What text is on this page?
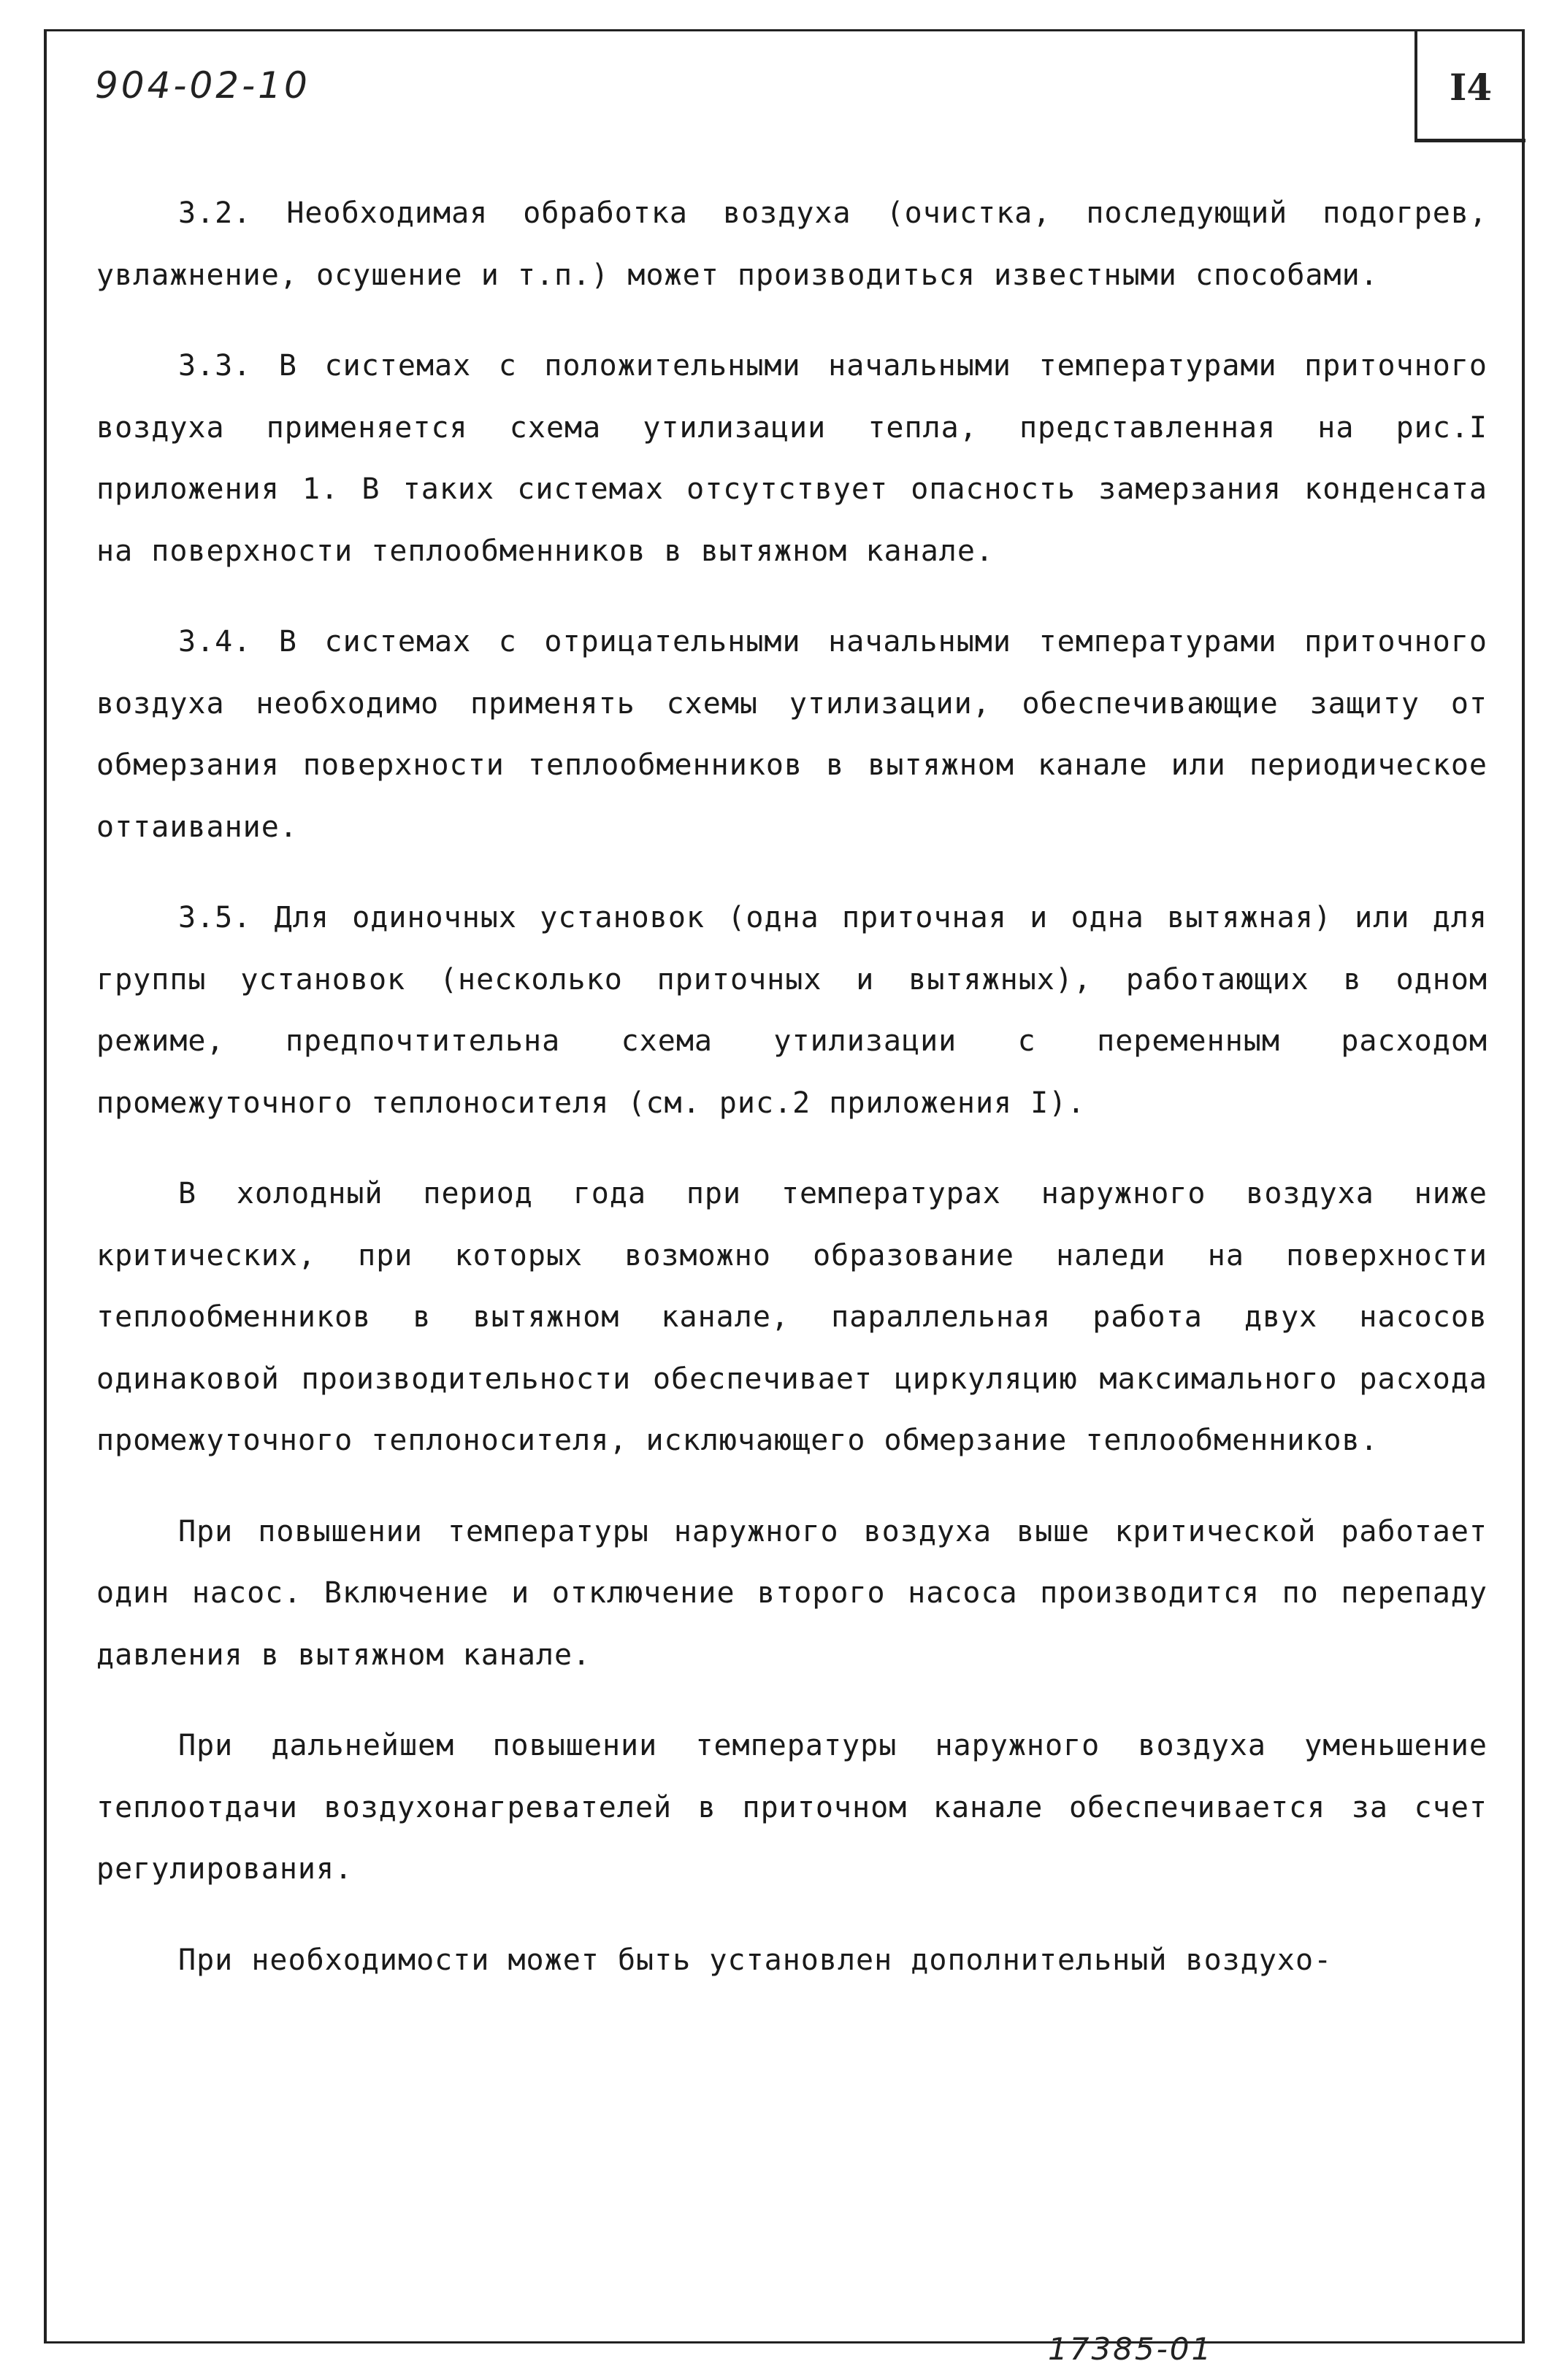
904-02-10	I4

3.2. Необходимая обработка воздуха (очистка, последующий подогрев, увлажнение, осушение и т.п.) может производиться известными способами.

3.3. В системах с положительными начальными температурами приточного воздуха применяется схема утилизации тепла, представленная на рис.I приложения 1. В таких системах отсутствует опасность замерзания конденсата на поверхности теплообменников в вытяжном канале.

3.4. В системах с отрицательными начальными температурами приточного воздуха необходимо применять схемы утилизации, обеспечивающие защиту от обмерзания поверхности теплообменников в вытяжном канале или периодическое оттаивание.

3.5. Для одиночных установок (одна приточная и одна вытяжная) или для группы установок (несколько приточных и вытяжных), работающих в одном режиме, предпочтительна схема утилизации с переменным расходом промежуточного теплоносителя (см. рис.2 приложения I).

В холодный период года при температурах наружного воздуха ниже критических, при которых возможно образование наледи на поверхности теплообменников в вытяжном канале, параллельная работа двух насосов одинаковой производительности обеспечивает циркуляцию максимального расхода промежуточного теплоносителя, исключающего обмерзание теплообменников.

При повышении температуры наружного воздуха выше критической работает один насос. Включение и отключение второго насоса производится по перепаду давления в вытяжном канале.

При дальнейшем повышении температуры наружного воздуха уменьшение теплоотдачи воздухонагревателей в приточном канале обеспечивается за счет регулирования.

При необходимости может быть установлен дополнительный воздухо-

17385-01
